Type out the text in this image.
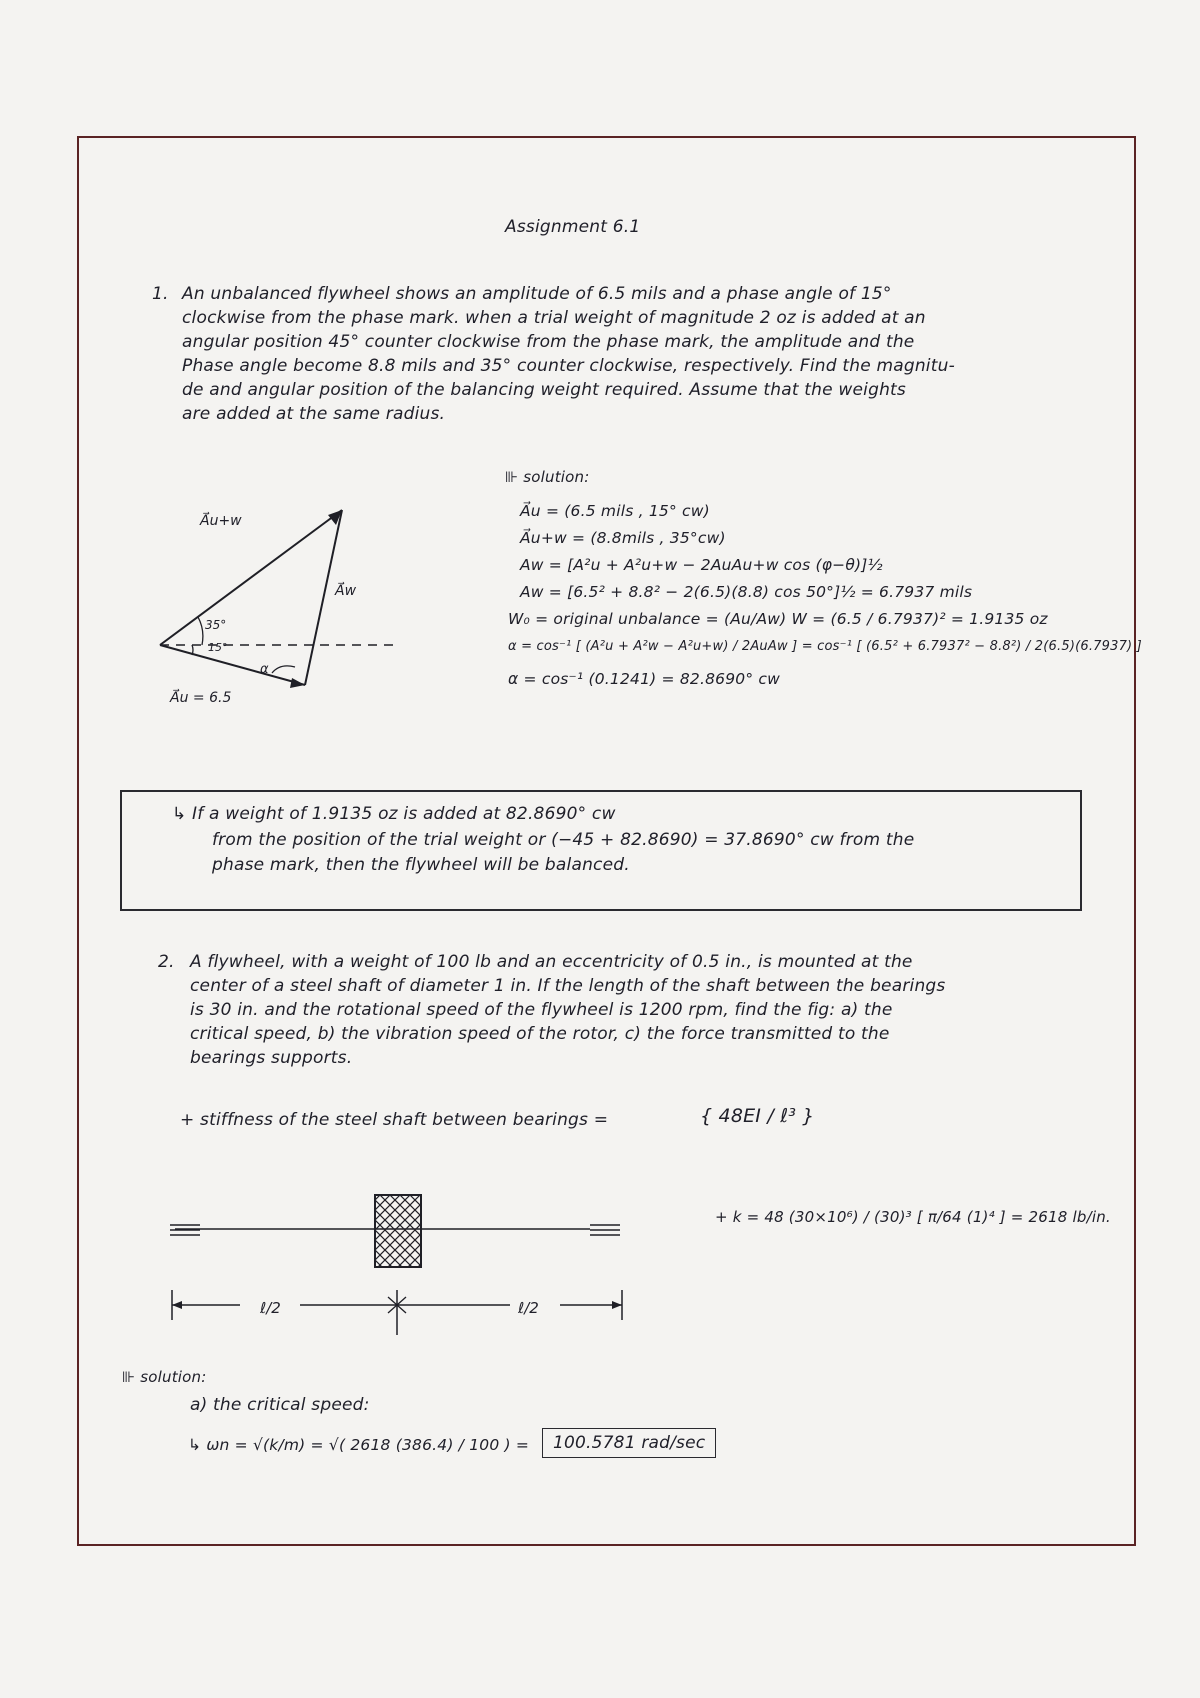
Assignment 6.1
1. An unbalanced flywheel shows an amplitude of 6.5 mils and a phase angle of 15°
clockwise from the phase mark. when a trial weight of magnitude 2 oz is added at an
angular position 45° counter clockwise from the phase mark, the amplitude and the
Phase angle become 8.8 mils and 35° counter clockwise, respectively. Find the magnitu-
de and angular position of the balancing weight required. Assume that the weights
are added at the same radius.
⊪ solution:
A⃗u = (6.5 mils , 15° cw)
A⃗u+w = (8.8mils , 35°cw)
Aw = [A²u + A²u+w − 2AuAu+w cos (φ−θ)]½
Aw = [6.5² + 8.8² − 2(6.5)(8.8) cos 50°]½ = 6.7937 mils
W₀ = original unbalance = (Au/Aw) W = (6.5 / 6.7937)² = 1.9135 oz
α = cos⁻¹ [ (A²u + A²w − A²u+w) / 2AuAw ] = cos⁻¹ [ (6.5² + 6.7937² − 8.8²) / 2(6.5)(6.7937) ]
α = cos⁻¹ (0.1241) = 82.8690° cw
A⃗u+w
A⃗w
35°
15°
α
A⃗u = 6.5
↳ If a weight of 1.9135 oz is added at 82.8690° cw
from the position of the trial weight or (−45 + 82.8690) = 37.8690° cw from the
phase mark, then the flywheel will be balanced.
2. A flywheel, with a weight of 100 lb and an eccentricity of 0.5 in., is mounted at the
center of a steel shaft of diameter 1 in. If the length of the shaft between the bearings
is 30 in. and the rotational speed of the flywheel is 1200 rpm, find the fig: a) the
critical speed, b) the vibration speed of the rotor, c) the force transmitted to the
bearings supports.
+ stiffness of the steel shaft between bearings =	{ 48EI / ℓ³ }
ℓ/2	ℓ/2
+ k = 48 (30×10⁶) / (30)³ [ π/64 (1)⁴ ] = 2618 lb/in.
⊪ solution:
a) the critical speed:
↳ ωn = √(k/m) = √( 2618 (386.4) / 100 ) =	100.5781 rad/sec
